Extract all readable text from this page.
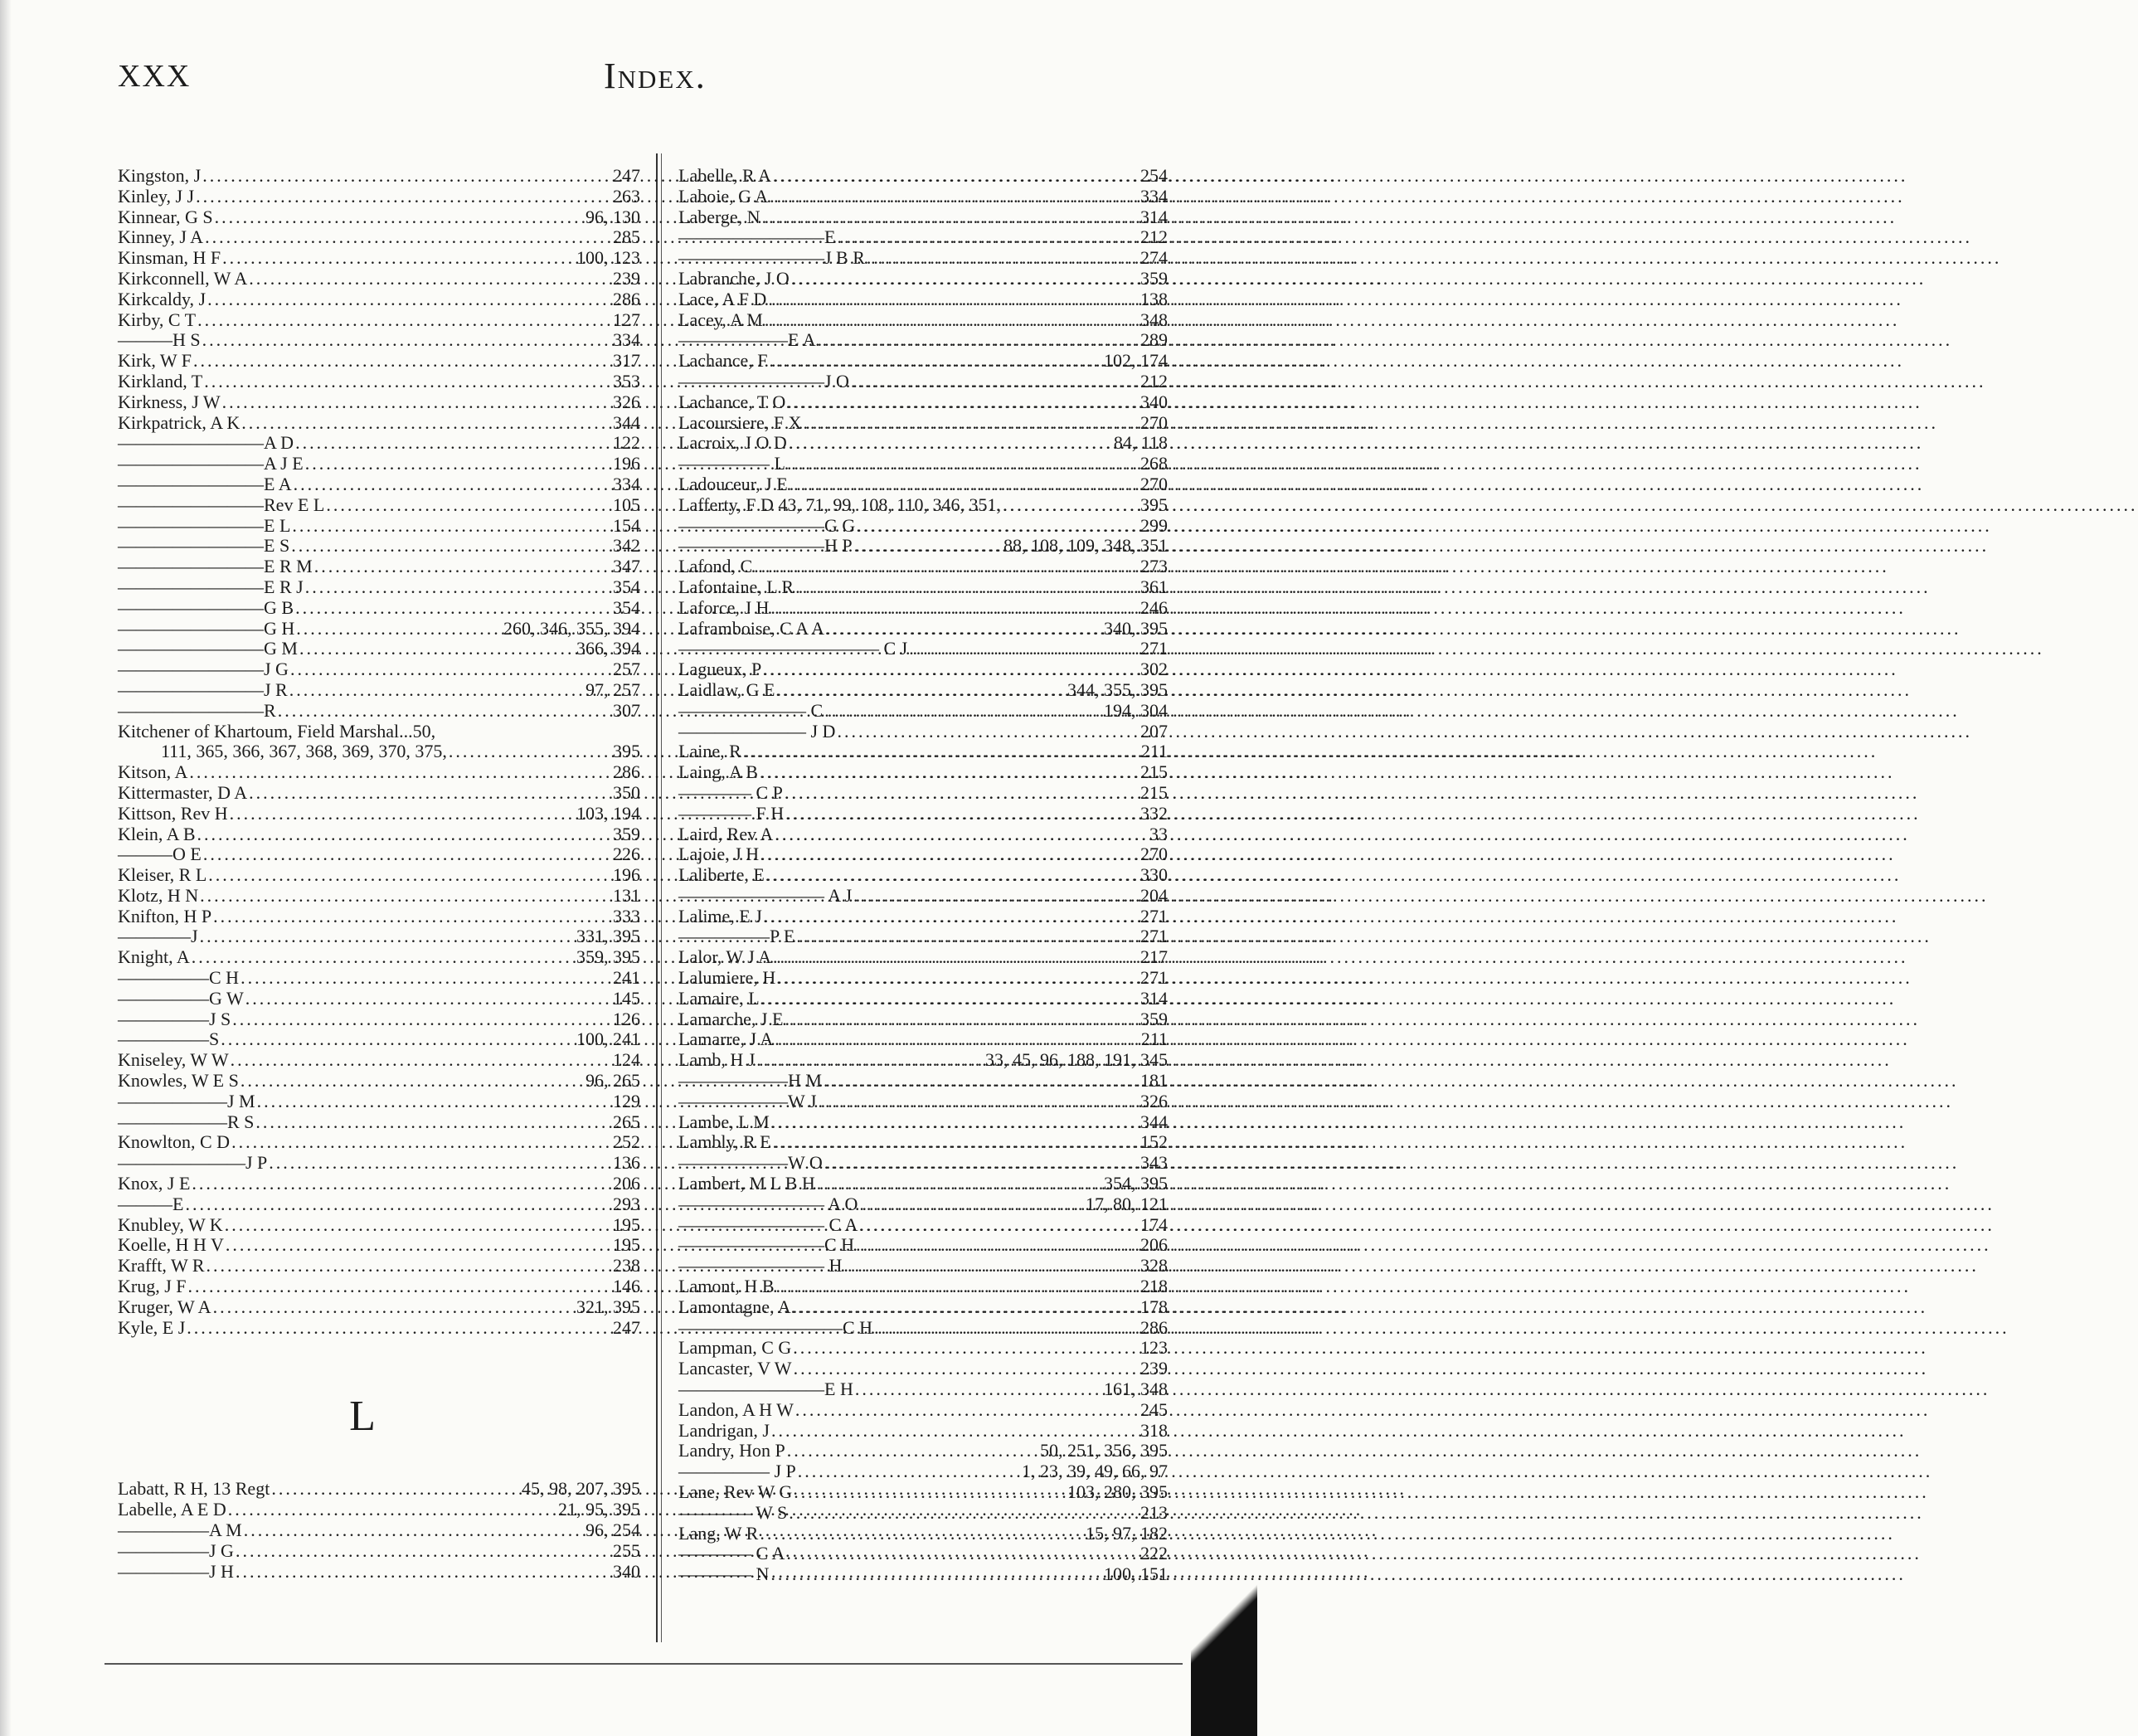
XXX	Index.
Kingston, J .....	247
Kinley, J J .....	263
Kinnear, G S .....	96, 130
Kinney, J A .....	285
Kinsman, H F .....	100, 123
Kirkconnell, W A .....	239
Kirkcaldy, J .....	286
Kirby, C T .....	127
———H S .....	334
Kirk, W F .....	317
Kirkland, T .....	353
Kirkness, J W .....	326
Kirkpatrick, A K .....	344
————————A D .....	122
————————A J E .....	196
————————E A .....	334
————————Rev E L .....	105
————————E L .....	154
————————E S .....	342
————————E R M .....	347
————————E R J .....	354
————————G B .....	354
————————G H .....	260, 346, 355, 394
————————G M .....	366, 394
————————J G .....	257
————————J R .....	97, 257
————————R .....	307
Kitchener of Khartoum, Field Marshal...50,
111, 365, 366, 367, 368, 369, 370, 375, .....	395
Kitson, A .....	286
Kittermaster, D A .....	350
Kittson, Rev H .....	103, 194
Klein, A B .....	359
———O E .....	226
Kleiser, R L .....	196
Klotz, H N .....	131
Knifton, H P .....	333
————J .....	331, 395
Knight, A .....	359, 395
—————C H .....	241
—————G W .....	145
—————J S .....	126
—————S .....	100, 241
Kniseley, W W .....	124
Knowles, W E S .....	96, 265
——————J M .....	129
——————R S .....	265
Knowlton, C D .....	252
———————J P .....	136
Knox, J E .....	206
———E .....	293
Knubley, W K .....	195
Koelle, H H V .....	195
Krafft, W R .....	238
Krug, J F .....	146
Kruger, W A .....	321, 395
Kyle, E J .....	247
L
Labatt, R H, 13 Regt .....	45, 98, 207, 395
Labelle, A E D .....	21, 95, 395
—————A M .....	96, 254
—————J G .....	255
—————J H .....	340
Labelle, R A .....	254
Laboie, G A .....	334
Laberge, N .....	314
————————E .....	212
————————J B R .....	274
Labranche, J O .....	359
Lace, A F D .....	138
Lacey, A M .....	348
——————E A .....	289
Lachance, F .....	102, 174
————————J O .....	212
Lachance, T O .....	340
Lacoursiere, F X .....	270
Lacroix, J O D .....	84, 118
————— L .....	268
Ladouceur, J E .....	270
Lafferty, F D 43, 71, 99, 108, 110, 346, 351, .....	395
————————G G .....	299
————————H P .....	88, 108, 109, 348, 351
Lafond, C .....	273
Lafontaine, L R .....	361
Laforce, J H .....	246
Laframboise, C A A .....	340, 395
——————————— C J .....	271
Lagueux, P .....	302
Laidlaw, G E .....	344, 355, 395
——————— C .....	194, 304
——————— J D .....	207
Laine, R .....	211
Laing, A B .....	215
———— C P .....	215
———— F H .....	332
Laird, Rev A .....	33
Lajoie, J H .....	270
Laliberte, E .....	330
———————— A J .....	204
Lalime, E J .....	271
—————P E .....	271
Lalor, W J A .....	217
Lalumiere, H .....	271
Lamaire, L .....	314
Lamarche, J E .....	359
Lamarre, J A .....	211
Lamb, H J .....	33, 45, 96, 188, 191, 345
——————H M .....	181
——————W J .....	326
Lambe, L M .....	344
Lambly, R E .....	152
——————W O .....	343
Lambert, M L B H .....	354, 395
———————— A O .....	17, 80, 121
———————— C A .....	174
————————C H .....	206
———————— H .....	328
Lamont, H B .....	218
Lamontagne, A .....	178
—————————C H .....	286
Lampman, C G .....	123
Lancaster, V W .....	239
————————E H .....	161, 348
Landon, A H W .....	245
Landrigan, J .....	318
Landry, Hon P .....	50, 251, 356, 395
————— J P .....	1, 23, 39, 49, 66, 97
Lane, Rev W G .....	103, 280, 395
———— W S .....	213
Lang, W R .....	15, 97, 182
———— C A .....	222
———— N .....	100, 151
